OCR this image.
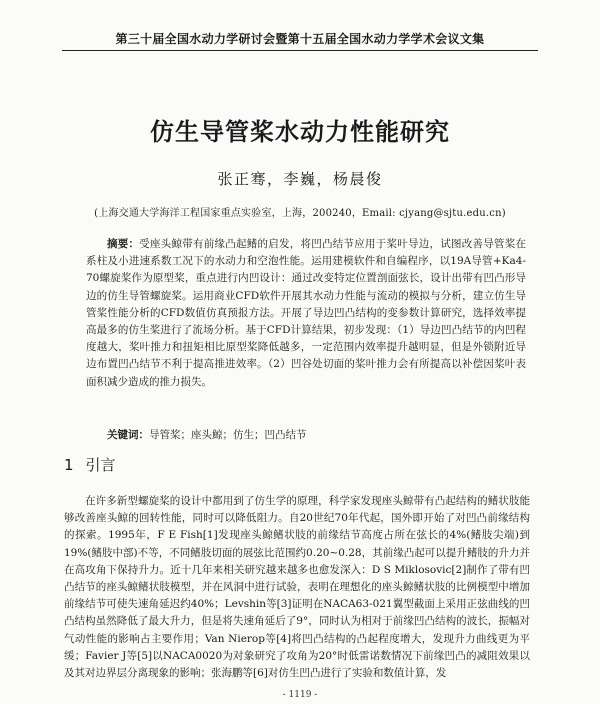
第三十届全国水动力学研讨会暨第十五届全国水动力学学术会议文集
仿生导管桨水动力性能研究
张正骞，李巍，杨晨俊
(上海交通大学海洋工程国家重点实验室，上海，200240，Email: cjyang@sjtu.edu.cn)
摘要：受座头鲸带有前缘凸起鳍的启发，将凹凸结节应用于桨叶导边，试图改善导管桨在系柱及小进速系数工况下的水动力和空泡性能。运用建模软件和自编程序，以19A导管+Ka4-70螺旋桨作为原型桨，重点进行内凹设计：通过改变特定位置剖面弦长，设计出带有凹凸形导边的仿生导管螺旋桨。运用商业CFD软件开展其水动力性能与流动的模拟与分析，建立仿生导管桨性能分析的CFD数值仿真预报方法。开展了导边凹凸结构的变参数计算研究，选择效率提高最多的仿生桨进行了流场分析。基于CFD计算结果，初步发现：（1）导边凹凸结节的内凹程度越大，桨叶推力和扭矩相比原型桨降低越多，一定范围内效率提升越明显，但是外锁附近导边布置凹凸结节不利于提高推进效率。（2）凹谷处切面的桨叶推力会有所提高以补偿因桨叶表面积减少造成的推力损失。
关键词：导管桨；座头鲸；仿生；凹凸结节
1 引言
在许多新型螺旋桨的设计中都用到了仿生学的原理，科学家发现座头鲸带有凸起结构的鳍状肢能够改善座头鲸的回转性能，同时可以降低阻力。自20世纪70年代起，国外即开始了对凹凸前缘结构的探索。1995年，F E Fish[1]发现座头鲸鳍状肢的前缘结节高度占所在弦长的4%(鳍肢尖端)到19%(鳍肢中部)不等，不同鳍肢切面的展弦比范围约0.20~0.28，其前缘凸起可以提升鳍肢的升力并在高攻角下保持升力。近十几年来相关研究越来越多也愈发深入：D S Miklosovic[2]制作了带有凹凸结节的座头鲸鳍状肢模型，并在风洞中进行试验，表明在理想化的座头鲸鳍状肢的比例模型中增加前缘结节可使失速角延迟约40%；Levshin等[3]证明在NACA63-021翼型截面上采用正弦曲线的凹凸结构虽然降低了最大升力，但是将失速角延后了9°，同时认为相对于前缘凹凸结构的波长，振幅对气动性能的影响占主要作用；Van Nierop等[4]将凹凸结构的凸起程度增大，发现升力曲线更为平缓；Favier J等[5]以NACA0020为对象研究了攻角为20°时低雷诺数情况下前缘凹凸的减阻效果以及其对边界层分离现象的影响；张海鹏等[6]对仿生凹凸进行了实验和数值计算，发
- 1119 -
